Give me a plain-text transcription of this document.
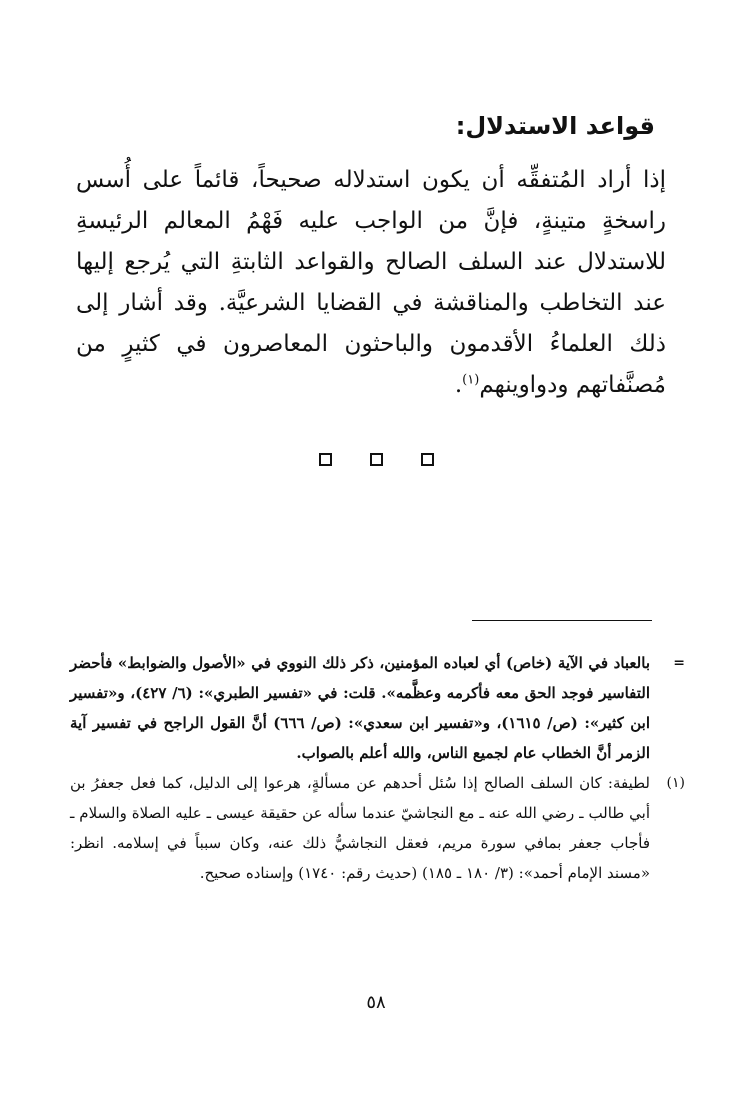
قواعد الاستدلال:

إذا أراد المُتفقِّه أن يكون استدلاله صحيحاً، قائماً على أُسس راسخةٍ متينةٍ، فإنَّ من الواجب عليه فَهْمُ المعالم الرئيسةِ للاستدلال عند السلف الصالح والقواعد الثابتةِ التي يُرجع إليها عند التخاطب والمناقشة في القضايا الشرعيَّة. وقد أشار إلى ذلك العلماءُ الأقدمون والباحثون المعاصرون في كثيرٍ من مُصنَّفاتهم ودواوينهم$^{(١)}$.

=
بالعباد في الآية (خاص) أي لعباده المؤمنين، ذكر ذلك النووي في «الأصول والضوابط» فأحضر التفاسير فوجد الحق معه فأكرمه وعظَّمه». قلت: في «تفسير الطبري»: (٦/ ٤٢٧)، و«تفسير ابن كثير»: (ص/ ١٦١٥)، و«تفسير ابن سعدي»: (ص/ ٦٦٦) أنَّ القول الراجح في تفسير آية الزمر أنَّ الخطاب عام لجميع الناس، والله أعلم بالصواب.
(١)
لطيفة: كان السلف الصالح إذا سُئل أحدهم عن مسألةٍ، هرعوا إلى الدليل، كما فعل جعفرُ بن أبي طالب ـ رضي الله عنه ـ مع النجاشيّ عندما سأله عن حقيقة عيسى ـ عليه الصلاة والسلام ـ فأجاب جعفر بمافي سورة مريم، فعقل النجاشيُّ ذلك عنه، وكان سبباً في إسلامه. انظر: «مسند الإمام أحمد»: (٣/ ١٨٠ ـ ١٨٥) (حديث رقم: ١٧٤٠) وإسناده صحيح.
٥٨
